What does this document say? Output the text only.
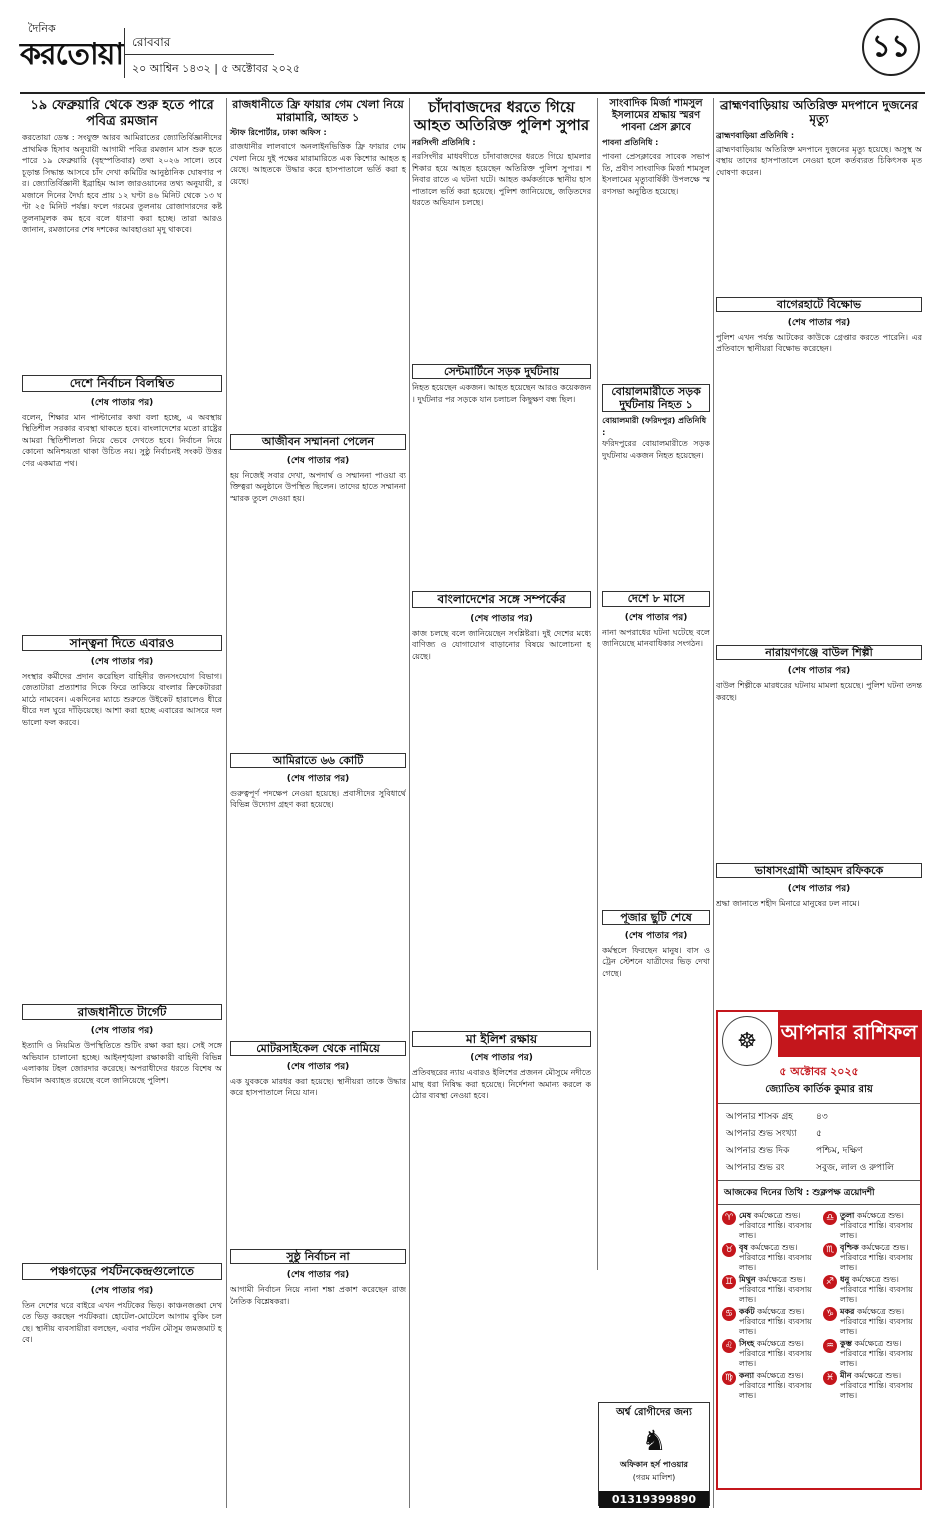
দৈনিক
করতোয়া রোববার
২০ আশ্বিন ১৪৩২ | ৫ অক্টোবর ২০২৫
১১
১৯ ফেব্রুয়ারি থেকে শুরু হতে পারে পবিত্র রমজান

করতোয়া ডেস্ক : সংযুক্ত আরব আমিরাতের জ্যোতির্বিজ্ঞানীদের প্রাথমিক হিসাব অনুযায়ী আগামী পবিত্র রমজান মাস শুরু হতে পারে ১৯ ফেব্রুয়ারি (বৃহস্পতিবার) তথা ২০২৬ সালে। তবে চূড়ান্ত সিদ্ধান্ত আসবে চাঁদ দেখা কমিটির আনুষ্ঠানিক ঘোষণার পর। জ্যোতির্বিজ্ঞানী ইব্রাহিম আল জারওয়ানের তথ্য অনুযায়ী, রমজানে দিনের দৈর্ঘ্য হবে প্রায় ১২ ঘণ্টা ৪৬ মিনিট থেকে ১৩ ঘণ্টা ২৫ মিনিট পর্যন্ত। ফলে গরমের তুলনায় রোজাদারদের কষ্ট তুলনামূলক কম হবে বলে ধারণা করা হচ্ছে। তারা আরও জানান, রমজানের শেষ দশকের আবহাওয়া মৃদু থাকবে।

দেশে নির্বাচন বিলম্বিত
(শেষ পাতার পর)

বলেন, শিক্ষার মান পাল্টানোর কথা বলা হচ্ছে, এ অবস্থায় স্থিতিশীল সরকার ব্যবস্থা থাকতে হবে। বাংলাদেশের মতো রাষ্ট্রের আমরা স্থিতিশীলতা নিয়ে ভেবে দেখতে হবে। নির্বাচন নিয়ে কোনো অনিশ্চয়তা থাকা উচিত নয়। সুষ্ঠু নির্বাচনই সংকট উত্তরণের একমাত্র পথ।

সান্ত্বনা দিতে এবারও
(শেষ পাতার পর)

সংস্থার কর্মীদের প্রদান করেছিল বাহিনীর জনসংযোগ বিভাগ। জেতাটারা প্রত্যাশার দিকে ফিরে তাকিয়ে বাংলার ক্রিকেটাররা মাঠে নামবেন। একদিনের ম্যাচে শুরুতে উইকেট হারালেও ধীরে ধীরে দল ঘুরে দাঁড়িয়েছে। আশা করা হচ্ছে এবারের আসরে দল ভালো ফল করবে।

রাজধানীতে টার্গেট
(শেষ পাতার পর)

ইত্যাদি ও নিয়মিত উপস্থিতিতে শুটিং রক্ষা করা হয়। সেই সঙ্গে অভিযান চালানো হচ্ছে। আইনশৃঙ্খলা রক্ষাকারী বাহিনী বিভিন্ন এলাকায় টহল জোরদার করেছে। অপরাধীদের ধরতে বিশেষ অভিযান অব্যাহত রয়েছে বলে জানিয়েছে পুলিশ।

পঞ্চগড়ের পর্যটনকেন্দ্রগুলোতে
(শেষ পাতার পর)

তিন দেশের ঘরে বাইরে এখন পর্যটকের ভিড়। কাঞ্চনজঙ্ঘা দেখতে ভিড় করছেন পর্যটকরা। হোটেল-মোটেলে আগাম বুকিং চলছে। স্থানীয় ব্যবসায়ীরা বলছেন, এবার পর্যটন মৌসুম জমজমাট হবে।

রাজধানীতে ফ্রি ফায়ার গেম খেলা নিয়ে মারামারি, আহত ১
স্টাফ রিপোর্টার, ঢাকা অফিস :

রাজধানীর লালবাগে অনলাইনভিত্তিক ফ্রি ফায়ার গেম খেলা নিয়ে দুই পক্ষের মারামারিতে এক কিশোর আহত হয়েছে। আহতকে উদ্ধার করে হাসপাতালে ভর্তি করা হয়েছে।

আজীবন সম্মাননা পেলেন
(শেষ পাতার পর)

হয় নিজেই সবার দেখা, অপদার্থ ও সম্মাননা পাওয়া ব্যক্তিত্বরা অনুষ্ঠানে উপস্থিত ছিলেন। তাদের হাতে সম্মাননা স্মারক তুলে দেওয়া হয়।

আমিরাতে ৬৬ কোটি
(শেষ পাতার পর)

গুরুত্বপূর্ণ পদক্ষেপ নেওয়া হয়েছে। প্রবাসীদের সুবিধার্থে বিভিন্ন উদ্যোগ গ্রহণ করা হয়েছে।

মোটরসাইকেল থেকে নামিয়ে
(শেষ পাতার পর)

এক যুবককে মারধর করা হয়েছে। স্থানীয়রা তাকে উদ্ধার করে হাসপাতালে নিয়ে যান।

সুষ্ঠু নির্বাচন না
(শেষ পাতার পর)

আগামী নির্বাচন নিয়ে নানা শঙ্কা প্রকাশ করেছেন রাজনৈতিক বিশ্লেষকরা।

চাঁদাবাজদের ধরতে গিয়ে আহত অতিরিক্ত পুলিশ সুপার
নরসিংদী প্রতিনিধি :

নরসিংদীর মাধবদীতে চাঁদাবাজদের ধরতে গিয়ে হামলার শিকার হয়ে আহত হয়েছেন অতিরিক্ত পুলিশ সুপার। শনিবার রাতে এ ঘটনা ঘটে। আহত কর্মকর্তাকে স্থানীয় হাসপাতালে ভর্তি করা হয়েছে। পুলিশ জানিয়েছে, জড়িতদের ধরতে অভিযান চলছে।

সেন্টমার্টিনে সড়ক দুর্ঘটনায়

নিহত হয়েছেন একজন। আহত হয়েছেন আরও কয়েকজন। দুর্ঘটনার পর সড়কে যান চলাচল কিছুক্ষণ বন্ধ ছিল।

সাংবাদিক মির্জা শামসুল ইসলামের শ্রদ্ধায় স্মরণ পাবনা প্রেস ক্লাবে
পাবনা প্রতিনিধি :

পাবনা প্রেসক্লাবের সাবেক সভাপতি, প্রবীণ সাংবাদিক মির্জা শামসুল ইসলামের মৃত্যুবার্ষিকী উপলক্ষে স্মরণসভা অনুষ্ঠিত হয়েছে।

বোয়ালমারীতে সড়ক দুর্ঘটনায় নিহত ১
বোয়ালমারী (ফরিদপুর) প্রতিনিধি :

ফরিদপুরের বোয়ালমারীতে সড়ক দুর্ঘটনায় একজন নিহত হয়েছেন।

বাংলাদেশের সঙ্গে সম্পর্কের
(শেষ পাতার পর)

কাজ চলছে বলে জানিয়েছেন সংশ্লিষ্টরা। দুই দেশের মধ্যে বাণিজ্য ও যোগাযোগ বাড়ানোর বিষয়ে আলোচনা হয়েছে।

মা ইলিশ রক্ষায়
(শেষ পাতার পর)

প্রতিবছরের ন্যায় এবারও ইলিশের প্রজনন মৌসুমে নদীতে মাছ ধরা নিষিদ্ধ করা হয়েছে। নির্দেশনা অমান্য করলে কঠোর ব্যবস্থা নেওয়া হবে।

দেশে ৮ মাসে
(শেষ পাতার পর)

নানা অপরাধের ঘটনা ঘটেছে বলে জানিয়েছে মানবাধিকার সংগঠন।

পূজার ছুটি শেষে
(শেষ পাতার পর)

কর্মস্থলে ফিরছেন মানুষ। বাস ও ট্রেন স্টেশনে যাত্রীদের ভিড় দেখা গেছে।

ব্রাহ্মণবাড়িয়ায় অতিরিক্ত মদপানে দুজনের মৃত্যু
ব্রাহ্মণবাড়িয়া প্রতিনিধি :

ব্রাহ্মণবাড়িয়ায় অতিরিক্ত মদপানে দুজনের মৃত্যু হয়েছে। অসুস্থ অবস্থায় তাদের হাসপাতালে নেওয়া হলে কর্তব্যরত চিকিৎসক মৃত ঘোষণা করেন।

বাগেরহাটে বিক্ষোভ
(শেষ পাতার পর)

পুলিশ এখন পর্যন্ত আটকের কাউকে গ্রেপ্তার করতে পারেনি। এর প্রতিবাদে স্থানীয়রা বিক্ষোভ করেছেন।

নারায়ণগঞ্জে বাউল শিল্পী
(শেষ পাতার পর)

বাউল শিল্পীকে মারধরের ঘটনায় মামলা হয়েছে। পুলিশ ঘটনা তদন্ত করছে।

ভাষাসংগ্রামী আহমদ রফিককে
(শেষ পাতার পর)

শ্রদ্ধা জানাতে শহীদ মিনারে মানুষের ঢল নামে।

☸	আপনার রাশিফল
৫ অক্টোবর ২০২৫
জ্যোতিষ কার্তিক কুমার রায়
আপনার শাসক গ্রহ	৪৩
আপনার শুভ সংখ্যা	৫
আপনার শুভ দিক	পশ্চিম, দক্ষিণ
আপনার শুভ রং	সবুজ, লাল ও রুপালি
আজকের দিনের তিথি : শুক্লপক্ষ ত্রয়োদশী
♈ মেষ কর্মক্ষেত্রে শুভ। পরিবারে শান্তি। ব্যবসায় লাভ।
♉ বৃষ কর্মক্ষেত্রে শুভ। পরিবারে শান্তি। ব্যবসায় লাভ।
♊ মিথুন কর্মক্ষেত্রে শুভ। পরিবারে শান্তি। ব্যবসায় লাভ।
♋ কর্কট কর্মক্ষেত্রে শুভ। পরিবারে শান্তি। ব্যবসায় লাভ।
♌ সিংহ কর্মক্ষেত্রে শুভ। পরিবারে শান্তি। ব্যবসায় লাভ।
♍ কন্যা কর্মক্ষেত্রে শুভ। পরিবারে শান্তি। ব্যবসায় লাভ।
♎ তুলা কর্মক্ষেত্রে শুভ। পরিবারে শান্তি। ব্যবসায় লাভ।
♏ বৃশ্চিক কর্মক্ষেত্রে শুভ। পরিবারে শান্তি। ব্যবসায় লাভ।
♐ ধনু কর্মক্ষেত্রে শুভ। পরিবারে শান্তি। ব্যবসায় লাভ।
♑ মকর কর্মক্ষেত্রে শুভ। পরিবারে শান্তি। ব্যবসায় লাভ।
♒ কুম্ভ কর্মক্ষেত্রে শুভ। পরিবারে শান্তি। ব্যবসায় লাভ।
♓ মীন কর্মক্ষেত্রে শুভ। পরিবারে শান্তি। ব্যবসায় লাভ।
অর্শ্ব রোগীদের জন্য
♞
অফিকান হর্স পাওয়ার
(গরম মালিশ)
01319399890
